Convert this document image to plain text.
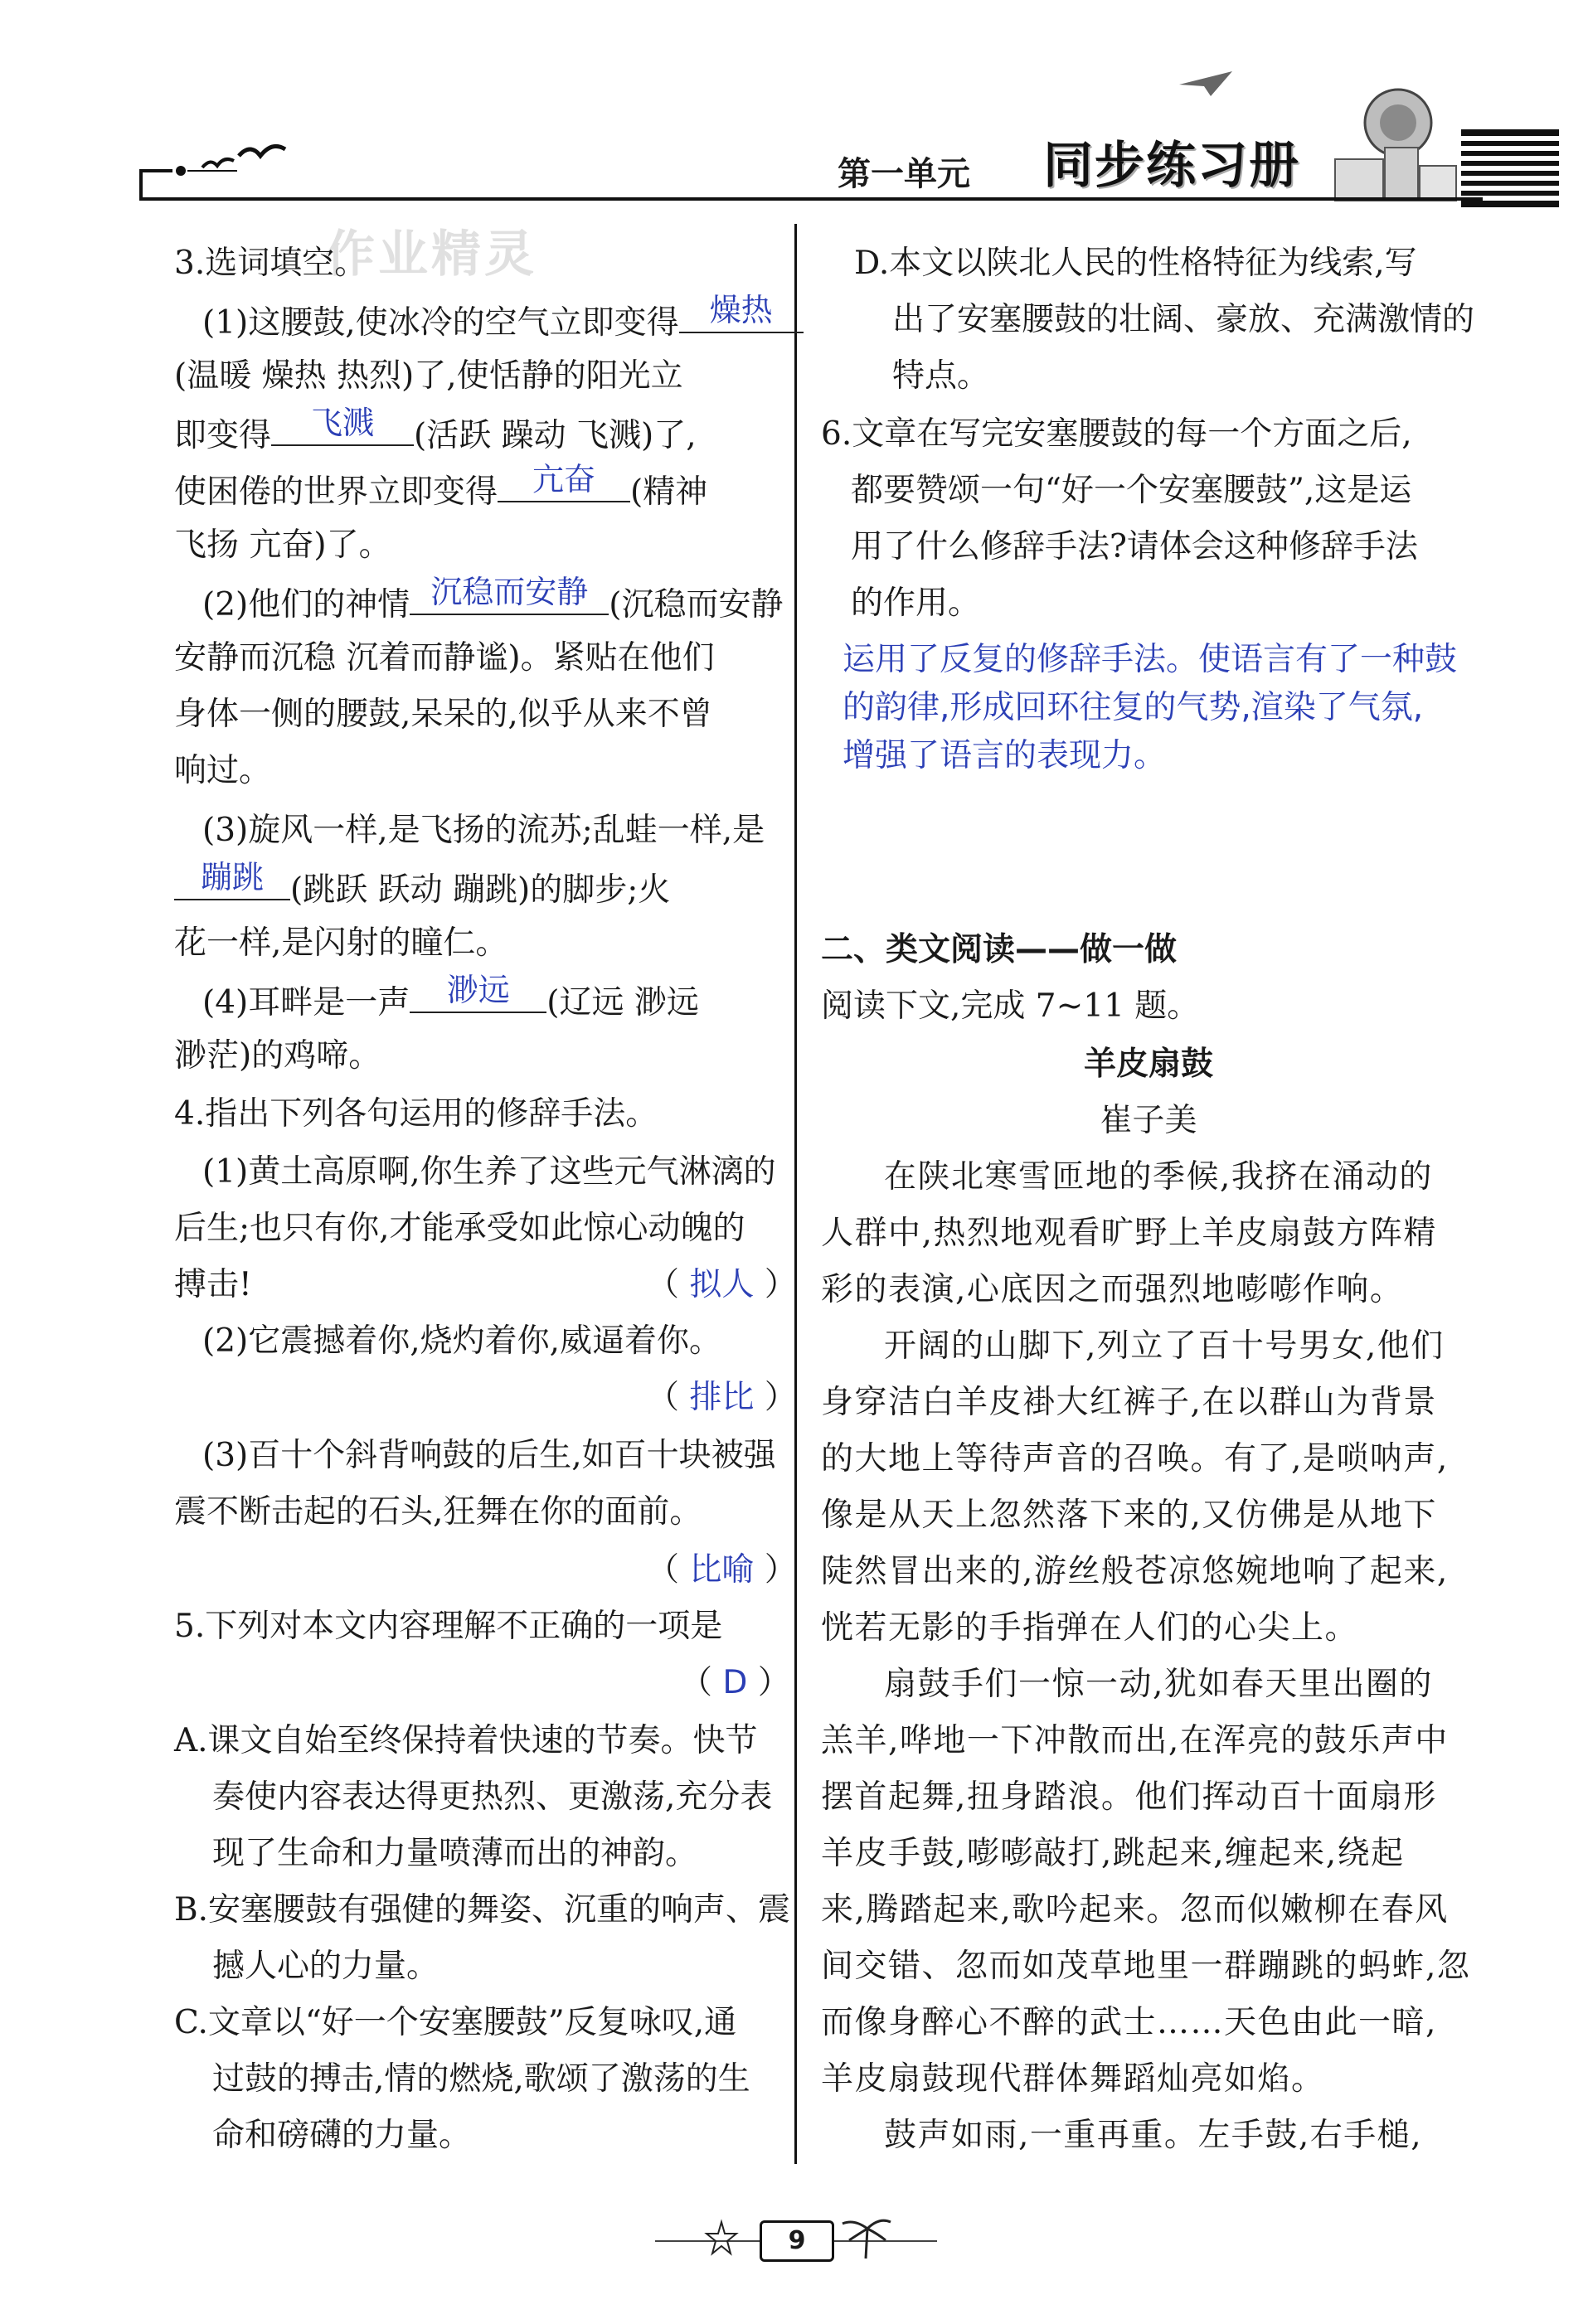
第一单元 同步练习册
作业精灵
3.选词填空。
(1)这腰鼓,使冰冷的空气立即变得 燥热
(温暖 燥热 热烈)了,使恬静的阳光立
即变得	飞溅	(活跃 躁动 飞溅)了,
使困倦的世界立即变得	亢奋	(精神
飞扬 亢奋)了。
(2)他们的神情 沉稳而安静 (沉稳而安静
安静而沉稳 沉着而静谧)。紧贴在他们
身体一侧的腰鼓,呆呆的,似乎从来不曾
响过。
(3)旋风一样,是飞扬的流苏;乱蛙一样,是
蹦跳 (跳跃 跃动 蹦跳)的脚步;火
花一样,是闪射的瞳仁。
(4)耳畔是一声	渺远	(辽远 渺远
渺茫)的鸡啼。
4.指出下列各句运用的修辞手法。
(1)黄土高原啊,你生养了这些元气淋漓的
后生;也只有你,才能承受如此惊心动魄的
搏击!	（ 拟人 ）
(2)它震撼着你,烧灼着你,威逼着你。
（ 排比 ）
(3)百十个斜背响鼓的后生,如百十块被强
震不断击起的石头,狂舞在你的面前。
（ 比喻 ）
5.下列对本文内容理解不正确的一项是
（ D ）
A.课文自始至终保持着快速的节奏。快节
奏使内容表达得更热烈、更激荡,充分表
现了生命和力量喷薄而出的神韵。
B.安塞腰鼓有强健的舞姿、沉重的响声、震
撼人心的力量。
C.文章以“好一个安塞腰鼓”反复咏叹,通
过鼓的搏击,情的燃烧,歌颂了激荡的生
命和磅礴的力量。
D.本文以陕北人民的性格特征为线索,写
出了安塞腰鼓的壮阔、豪放、充满激情的
特点。
6.文章在写完安塞腰鼓的每一个方面之后,
都要赞颂一句“好一个安塞腰鼓”,这是运
用了什么修辞手法?请体会这种修辞手法
的作用。
运用了反复的修辞手法。使语言有了一种鼓
的韵律,形成回环往复的气势,渲染了气氛,
增强了语言的表现力。
二、类文阅读——做一做
阅读下文,完成 7~11 题。
羊皮扇鼓
崔子美
在陕北寒雪匝地的季候,我挤在涌动的
人群中,热烈地观看旷野上羊皮扇鼓方阵精
彩的表演,心底因之而强烈地嘭嘭作响。
开阔的山脚下,列立了百十号男女,他们
身穿洁白羊皮褂大红裤子,在以群山为背景
的大地上等待声音的召唤。有了,是唢呐声,
像是从天上忽然落下来的,又仿佛是从地下
陡然冒出来的,游丝般苍凉悠婉地响了起来,
恍若无影的手指弹在人们的心尖上。
扇鼓手们一惊一动,犹如春天里出圈的
羔羊,哗地一下冲散而出,在浑亮的鼓乐声中
摆首起舞,扭身踏浪。他们挥动百十面扇形
羊皮手鼓,嘭嘭敲打,跳起来,缠起来,绕起
来,腾踏起来,歌吟起来。忽而似嫩柳在春风
间交错、忽而如茂草地里一群蹦跳的蚂蚱,忽
而像身醉心不醉的武士……天色由此一暗,
羊皮扇鼓现代群体舞蹈灿亮如焰。
鼓声如雨,一重再重。左手鼓,右手槌,
9
